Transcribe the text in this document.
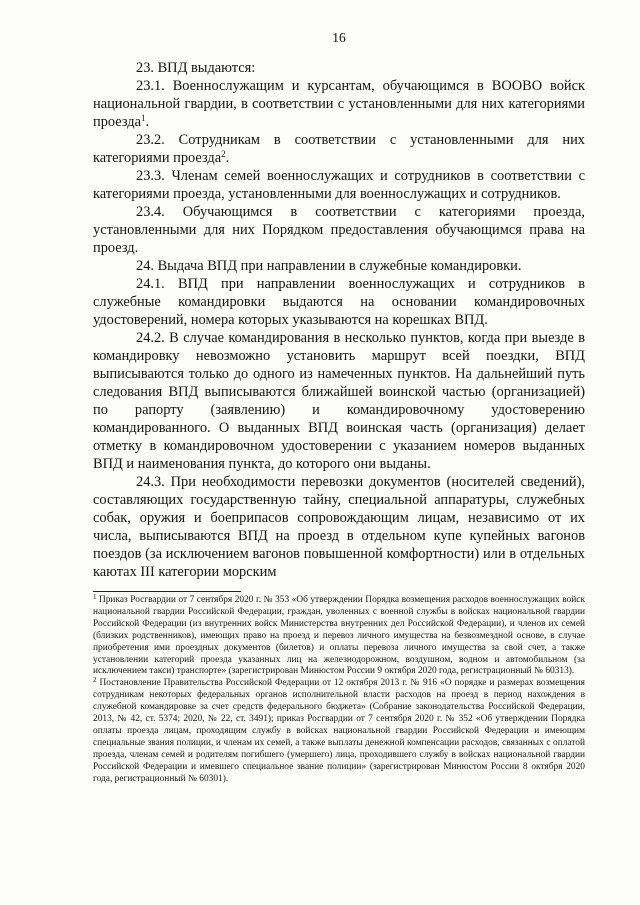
16

23. ВПД выдаются:

23.1. Военнослужащим и курсантам, обучающимся в ВООВО войск национальной гвардии, в соответствии с установленными для них категориями проезда$^1$.

23.2. Сотрудникам в соответствии с установленными для них категориями проезда$^2$.

23.3. Членам семей военнослужащих и сотрудников в соответствии с категориями проезда, установленными для военнослужащих и сотрудников.

23.4. Обучающимся в соответствии с категориями проезда, установленными для них Порядком предоставления обучающимся права на проезд.

24. Выдача ВПД при направлении в служебные командировки.

24.1. ВПД при направлении военнослужащих и сотрудников в служебные командировки выдаются на основании командировочных удостоверений, номера которых указываются на корешках ВПД.

24.2. В случае командирования в несколько пунктов, когда при выезде в командировку невозможно установить маршрут всей поездки, ВПД выписываются только до одного из намеченных пунктов. На дальнейший путь следования ВПД выписываются ближайшей воинской частью (организацией) по рапорту (заявлению) и командировочному удостоверению командированного. О выданных ВПД воинская часть (организация) делает отметку в командировочном удостоверении с указанием номеров выданных ВПД и наименования пункта, до которого они выданы.

24.3. При необходимости перевозки документов (носителей сведений), составляющих государственную тайну, специальной аппаратуры, служебных собак, оружия и боеприпасов сопровождающим лицам, независимо от их числа, выписываются ВПД на проезд в отдельном купе купейных вагонов поездов (за исключением вагонов повышенной комфортности) или в отдельных каютах III категории морским

$^1$ Приказ Росгвардии от 7 сентября 2020 г. № 353 «Об утверждении Порядка возмещения расходов военнослужащих войск национальной гвардии Российской Федерации, граждан, уволенных с военной службы в войсках национальной гвардии Российской Федерации (из внутренних войск Министерства внутренних дел Российской Федерации), и членов их семей (близких родственников), имеющих право на проезд и перевоз личного имущества на безвозмездной основе, в случае приобретения ими проездных документов (билетов) и оплаты перевоза личного имущества за свой счет, а также установлении категорий проезда указанных лиц на железнодорожном, воздушном, водном и автомобильном (за исключением такси) транспорте» (зарегистрирован Минюстом России 9 октября 2020 года, регистрационный № 60313).

$^2$ Постановление Правительства Российской Федерации от 12 октября 2013 г. № 916 «О порядке и размерах возмещения сотрудникам некоторых федеральных органов исполнительной власти расходов на проезд в период нахождения в служебной командировке за счет средств федерального бюджета» (Собрание законодательства Российской Федерации, 2013, № 42, ст. 5374; 2020, № 22, ст. 3491); приказ Росгвардии от 7 сентября 2020 г. № 352 «Об утверждении Порядка оплаты проезда лицам, проходящим службу в войсках национальной гвардии Российской Федерации и имеющим специальные звания полиции, и членам их семей, а также выплаты денежной компенсации расходов, связанных с оплатой проезда, членам семей и родителям погибшего (умершего) лица, проходившего службу в войсках национальной гвардии Российской Федерации и имевшего специальное звание полиции» (зарегистрирован Минюстом России 8 октября 2020 года, регистрационный № 60301).
